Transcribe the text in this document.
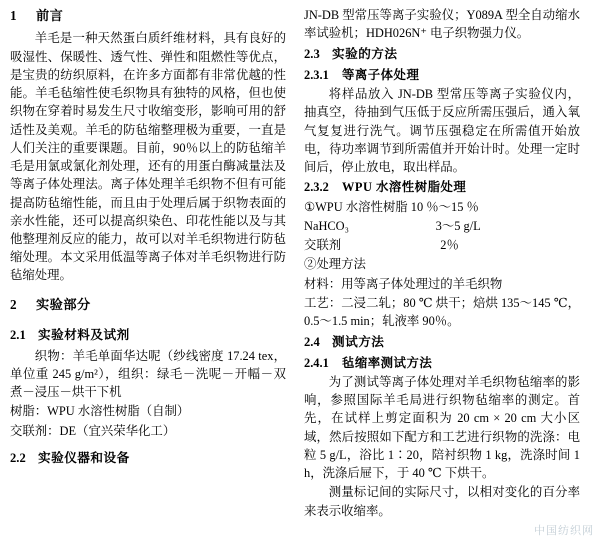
1 前言

羊毛是一种天然蛋白质纤维材料，具有良好的吸湿性、保暖性、透气性、弹性和阻燃性等优点，是宝贵的纺织原料，在许多方面都有非常优越的性能。羊毛毡缩性使毛织物具有独特的风格，但也使织物在穿着时易发生尺寸收缩变形，影响可用的舒适性及美观。羊毛的防毡缩整理极为重要，一直是人们关注的重要课题。目前，90％以上的防毡缩羊毛是用氯或氯化剂处理，还有的用蛋白酶减量法及等离子体处理法。离子体处理羊毛织物不但有可能提高防毡缩性能，而且由于处理后属于织物表面的亲水性能，还可以提高织染色、印花性能以及与其他整理剂反应的能力，故可以对羊毛织物进行防毡缩处理。本文采用低温等离子体对羊毛织物进行防毡缩处理。

2 实验部分
2.1 实验材料及试剂

织物：羊毛单面华达呢（纱线密度 17.24 tex，单位重 245 g/m²），组织：绿毛－洗呢－开幅－双煮－浸压－烘干下机

树脂：WPU 水溶性树脂（自制）

交联剂：DE（宜兴荣华化工）

2.2 实验仪器和设备

JN-DB 型常压等离子实验仪；Y089A 型全自动缩水率试验机；HDH026N⁺ 电子织物强力仪。

2.3 实验的方法
2.3.1 等离子体处理

将样品放入 JN-DB 型常压等离子实验仪内，抽真空，待抽到气压低于反应所需压强后，通入氧气复复进行洗气。调节压强稳定在所需值开始放电，待功率调节到所需值并开始计时。处理一定时间后，停止放电，取出样品。

2.3.2 WPU 水溶性树脂处理

①WPU 水溶性树脂 10 ％～15 ％

NaHCO₃　　　　　　　3～5 g/L

交联剂　　　　　　　　2％

②处理方法

材料：用等离子体处理过的羊毛织物

工艺：二浸二轧；80 ℃ 烘干；焙烘 135～145 ℃，0.5～1.5 min；轧液率 90％。

2.4 测试方法
2.4.1 毡缩率测试方法

为了测试等离子体处理对羊毛织物毡缩率的影响，参照国际羊毛局进行织物毡缩率的测定。首先，在试样上剪定面积为 20 cm × 20 cm 大小区域，然后按照如下配方和工艺进行织物的洗涤：电粒 5 g/L，浴比 1∶20，陪衬织物 1 kg，洗涤时间 1 h，洗涤后屉下，于 40 ℃ 下烘干。

测量标记间的实际尺寸，以相对变化的百分率来表示收缩率。

中国纺织网
